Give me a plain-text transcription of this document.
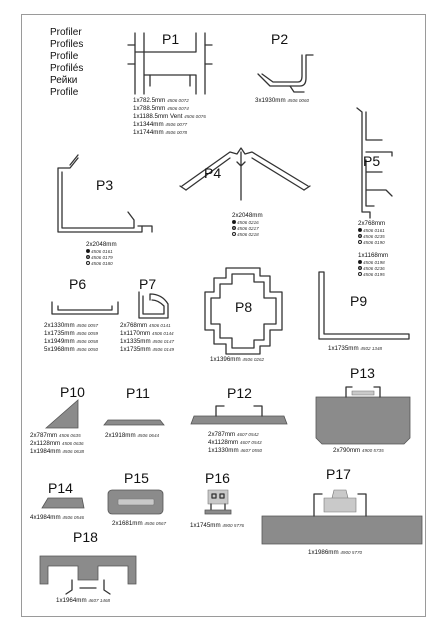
Profiler
Profiles
Profile
Profilés
Рейки
Profile
P1	P2
P3
P4
P5
P6	P7
P8	P9
P10	P11	P12
P13
P14
P15	P16	P17
P18
1x782.5mm 4506 0072
1x788.5mm 4506 0074
1x1188.5mm Vent 4506 0076
1x1344mm 4506 0077
1x1744mm 4506 0078
3x1930mm 4506 0060
2x2048mm
4506 0161
4506 0179
4506 0180
2x2048mm
4506 0216
4506 0217
4506 0218
2x768mm
4506 0161
4506 0235
4506 0190
1x1168mm
4506 0198
4506 0236
4506 0195
2x1330mm 4506 0057
1x1735mm 4506 0059
1x1949mm 4506 0058
5x1968mm 4506 0050
2x768mm 4506 0141
1x1170mm 4506 0144
1x1335mm 4506 0147
1x1735mm 4506 0149
1x1396mm 4506 0262
1x1735mm 4502 1348
2x787mm 4506 0635
2x1128mm 4506 0636
1x1984mm 4506 0638
2x1918mm 4506 0644	2x787mm 4607 0542
4x1128mm 4607 0543
1x1330mm 4607 0550	2x790mm 4900 5735
4x1984mm 4506 0546
2x1681mm 4506 0567	1x1745mm 4900 5776
1x1986mm 4900 5770
1x1964mm 4607 1468
